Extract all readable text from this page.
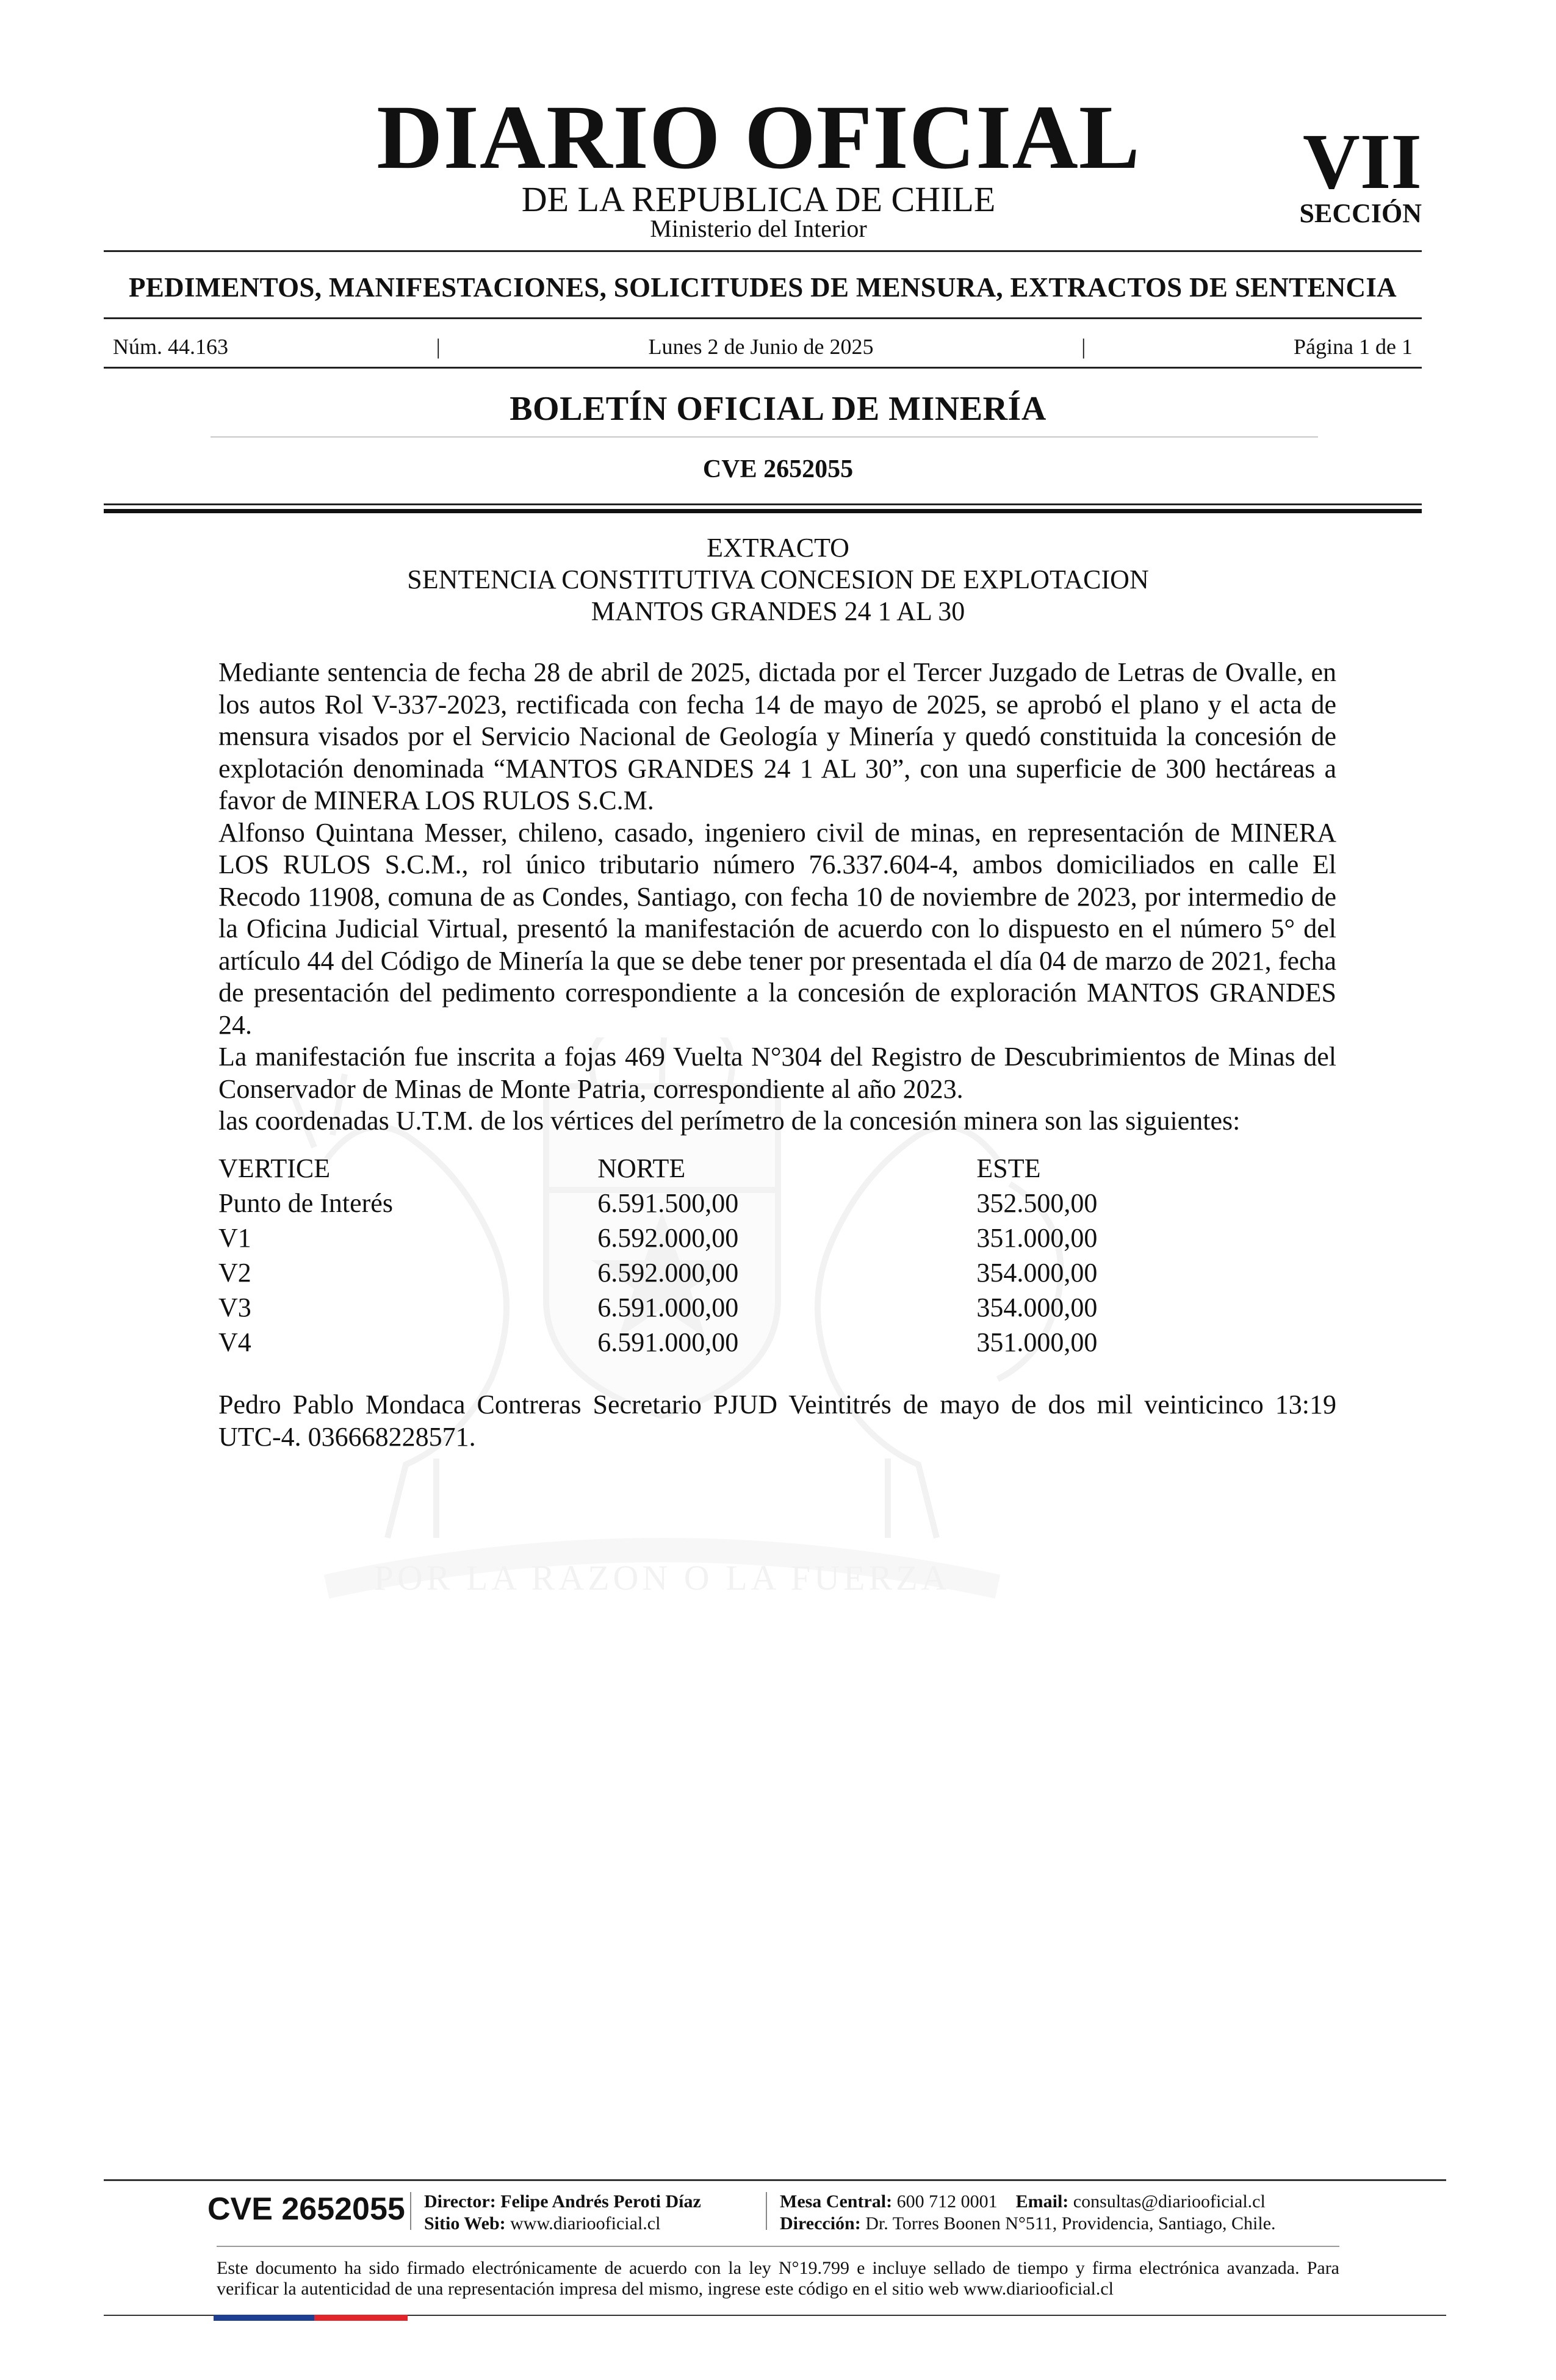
DIARIO OFICIAL
DE LA REPUBLICA DE CHILE
Ministerio del Interior
VII
SECCIÓN
PEDIMENTOS, MANIFESTACIONES, SOLICITUDES DE MENSURA, EXTRACTOS DE SENTENCIA
Núm. 44.163	|	Lunes 2 de Junio de 2025	|	Página 1 de 1
BOLETÍN OFICIAL DE MINERÍA
CVE 2652055
POR LA RAZON O LA FUERZA
EXTRACTO
SENTENCIA CONSTITUTIVA CONCESION DE EXPLOTACION
MANTOS GRANDES 24 1 AL 30

Mediante sentencia de fecha 28 de abril de 2025, dictada por el Tercer Juzgado de Letras de Ovalle, en los autos Rol V-337-2023, rectificada con fecha 14 de mayo de 2025, se aprobó el plano y el acta de mensura visados por el Servicio Nacional de Geología y Minería y quedó constituida la concesión de explotación denominada “MANTOS GRANDES 24 1 AL 30”, con una superficie de 300 hectáreas a favor de MINERA LOS RULOS S.C.M.

Alfonso Quintana Messer, chileno, casado, ingeniero civil de minas, en representación de MINERA LOS RULOS S.C.M., rol único tributario número 76.337.604-4, ambos domiciliados en calle El Recodo 11908, comuna de as Condes, Santiago, con fecha 10 de noviembre de 2023, por intermedio de la Oficina Judicial Virtual, presentó la manifestación de acuerdo con lo dispuesto en el número 5° del artículo 44 del Código de Minería la que se debe tener por presentada el día 04 de marzo de 2021, fecha de presentación del pedimento correspondiente a la concesión de exploración MANTOS GRANDES 24.

La manifestación fue inscrita a fojas 469 Vuelta N°304 del Registro de Descubrimientos de Minas del Conservador de Minas de Monte Patria, correspondiente al año 2023.

las coordenadas U.T.M. de los vértices del perímetro de la concesión minera son las siguientes:

VERTICE	NORTE	ESTE
Punto de Interés	6.591.500,00	352.500,00
V1	6.592.000,00	351.000,00
V2	6.592.000,00	354.000,00
V3	6.591.000,00	354.000,00
V4	6.591.000,00	351.000,00
Pedro Pablo Mondaca Contreras Secretario PJUD Veintitrés de mayo de dos mil veinticinco 13:19 UTC-4. 036668228571.
CVE 2652055 Director: Felipe Andrés Peroti Díaz
Sitio Web: www.diariooficial.cl
Mesa Central: 600 712 0001 Email: consultas@diariooficial.cl
Dirección: Dr. Torres Boonen N°511, Providencia, Santiago, Chile.
Este documento ha sido firmado electrónicamente de acuerdo con la ley N°19.799 e incluye sellado de tiempo y firma electrónica avanzada. Para verificar la autenticidad de una representación impresa del mismo, ingrese este código en el sitio web www.diariooficial.cl
